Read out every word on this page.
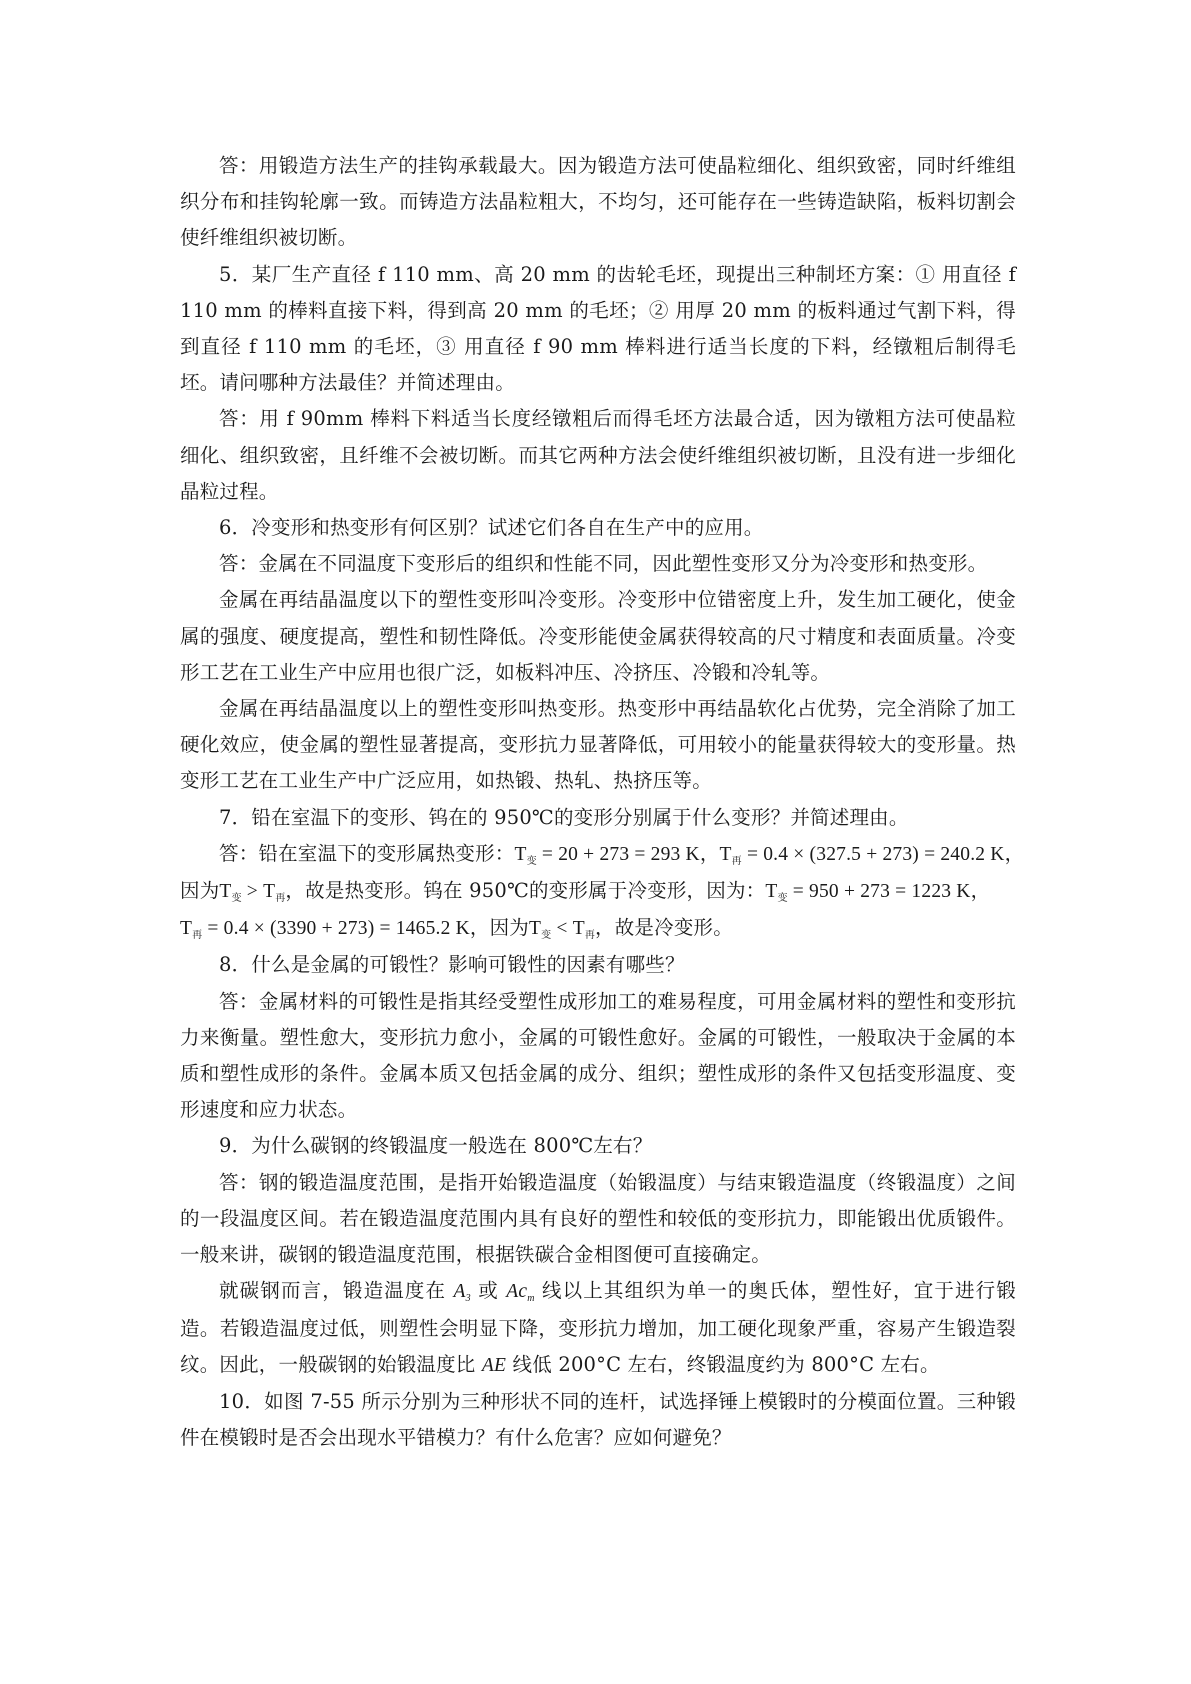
答：用锻造方法生产的挂钩承载最大。因为锻造方法可使晶粒细化、组织致密，同时纤维组织分布和挂钩轮廓一致。而铸造方法晶粒粗大，不均匀，还可能存在一些铸造缺陷，板料切割会使纤维组织被切断。

5．某厂生产直径 f 110 mm、高 20 mm 的齿轮毛坯，现提出三种制坯方案：① 用直径 f 110 mm 的棒料直接下料，得到高 20 mm 的毛坯；② 用厚 20 mm 的板料通过气割下料，得到直径 f 110 mm 的毛坯，③ 用直径 f 90 mm 棒料进行适当长度的下料，经镦粗后制得毛坯。请问哪种方法最佳？并简述理由。

答：用 f 90mm 棒料下料适当长度经镦粗后而得毛坯方法最合适，因为镦粗方法可使晶粒细化、组织致密，且纤维不会被切断。而其它两种方法会使纤维组织被切断，且没有进一步细化晶粒过程。

6．冷变形和热变形有何区别？试述它们各自在生产中的应用。

答：金属在不同温度下变形后的组织和性能不同，因此塑性变形又分为冷变形和热变形。

金属在再结晶温度以下的塑性变形叫冷变形。冷变形中位错密度上升，发生加工硬化，使金属的强度、硬度提高，塑性和韧性降低。冷变形能使金属获得较高的尺寸精度和表面质量。冷变形工艺在工业生产中应用也很广泛，如板料冲压、冷挤压、冷锻和冷轧等。

金属在再结晶温度以上的塑性变形叫热变形。热变形中再结晶软化占优势，完全消除了加工硬化效应，使金属的塑性显著提高，变形抗力显著降低，可用较小的能量获得较大的变形量。热变形工艺在工业生产中广泛应用，如热锻、热轧、热挤压等。

7．铅在室温下的变形、钨在的 950℃的变形分别属于什么变形？并简述理由。

答：铅在室温下的变形属热变形：$T_变 = 20 + 273 = 293$ K，$T_再 = 0.4 \times (327.5 + 273) = 240.2$ K，

因为$T_变 > T_再$，故是热变形。钨在 950℃的变形属于冷变形，因为：$T_变 = 950 + 273 = 1223$ K，

$T_再 = 0.4 \times (3390 + 273) = 1465.2$ K，因为$T_变 < T_再$，故是冷变形。

8．什么是金属的可锻性？影响可锻性的因素有哪些？

答：金属材料的可锻性是指其经受塑性成形加工的难易程度，可用金属材料的塑性和变形抗力来衡量。塑性愈大，变形抗力愈小，金属的可锻性愈好。金属的可锻性，一般取决于金属的本质和塑性成形的条件。金属本质又包括金属的成分、组织；塑性成形的条件又包括变形温度、变形速度和应力状态。

9．为什么碳钢的终锻温度一般选在 800℃左右？

答：钢的锻造温度范围，是指开始锻造温度（始锻温度）与结束锻造温度（终锻温度）之间的一段温度区间。若在锻造温度范围内具有良好的塑性和较低的变形抗力，即能锻出优质锻件。一般来讲，碳钢的锻造温度范围，根据铁碳合金相图便可直接确定。

就碳钢而言，锻造温度在 $A_3$ 或 $Ac_m$ 线以上其组织为单一的奥氏体，塑性好，宜于进行锻造。若锻造温度过低，则塑性会明显下降，变形抗力增加，加工硬化现象严重，容易产生锻造裂纹。因此，一般碳钢的始锻温度比 AE 线低 200°C 左右，终锻温度约为 800°C 左右。

10．如图 7-55 所示分别为三种形状不同的连杆，试选择锤上模锻时的分模面位置。三种锻件在模锻时是否会出现水平错模力？有什么危害？应如何避免？
